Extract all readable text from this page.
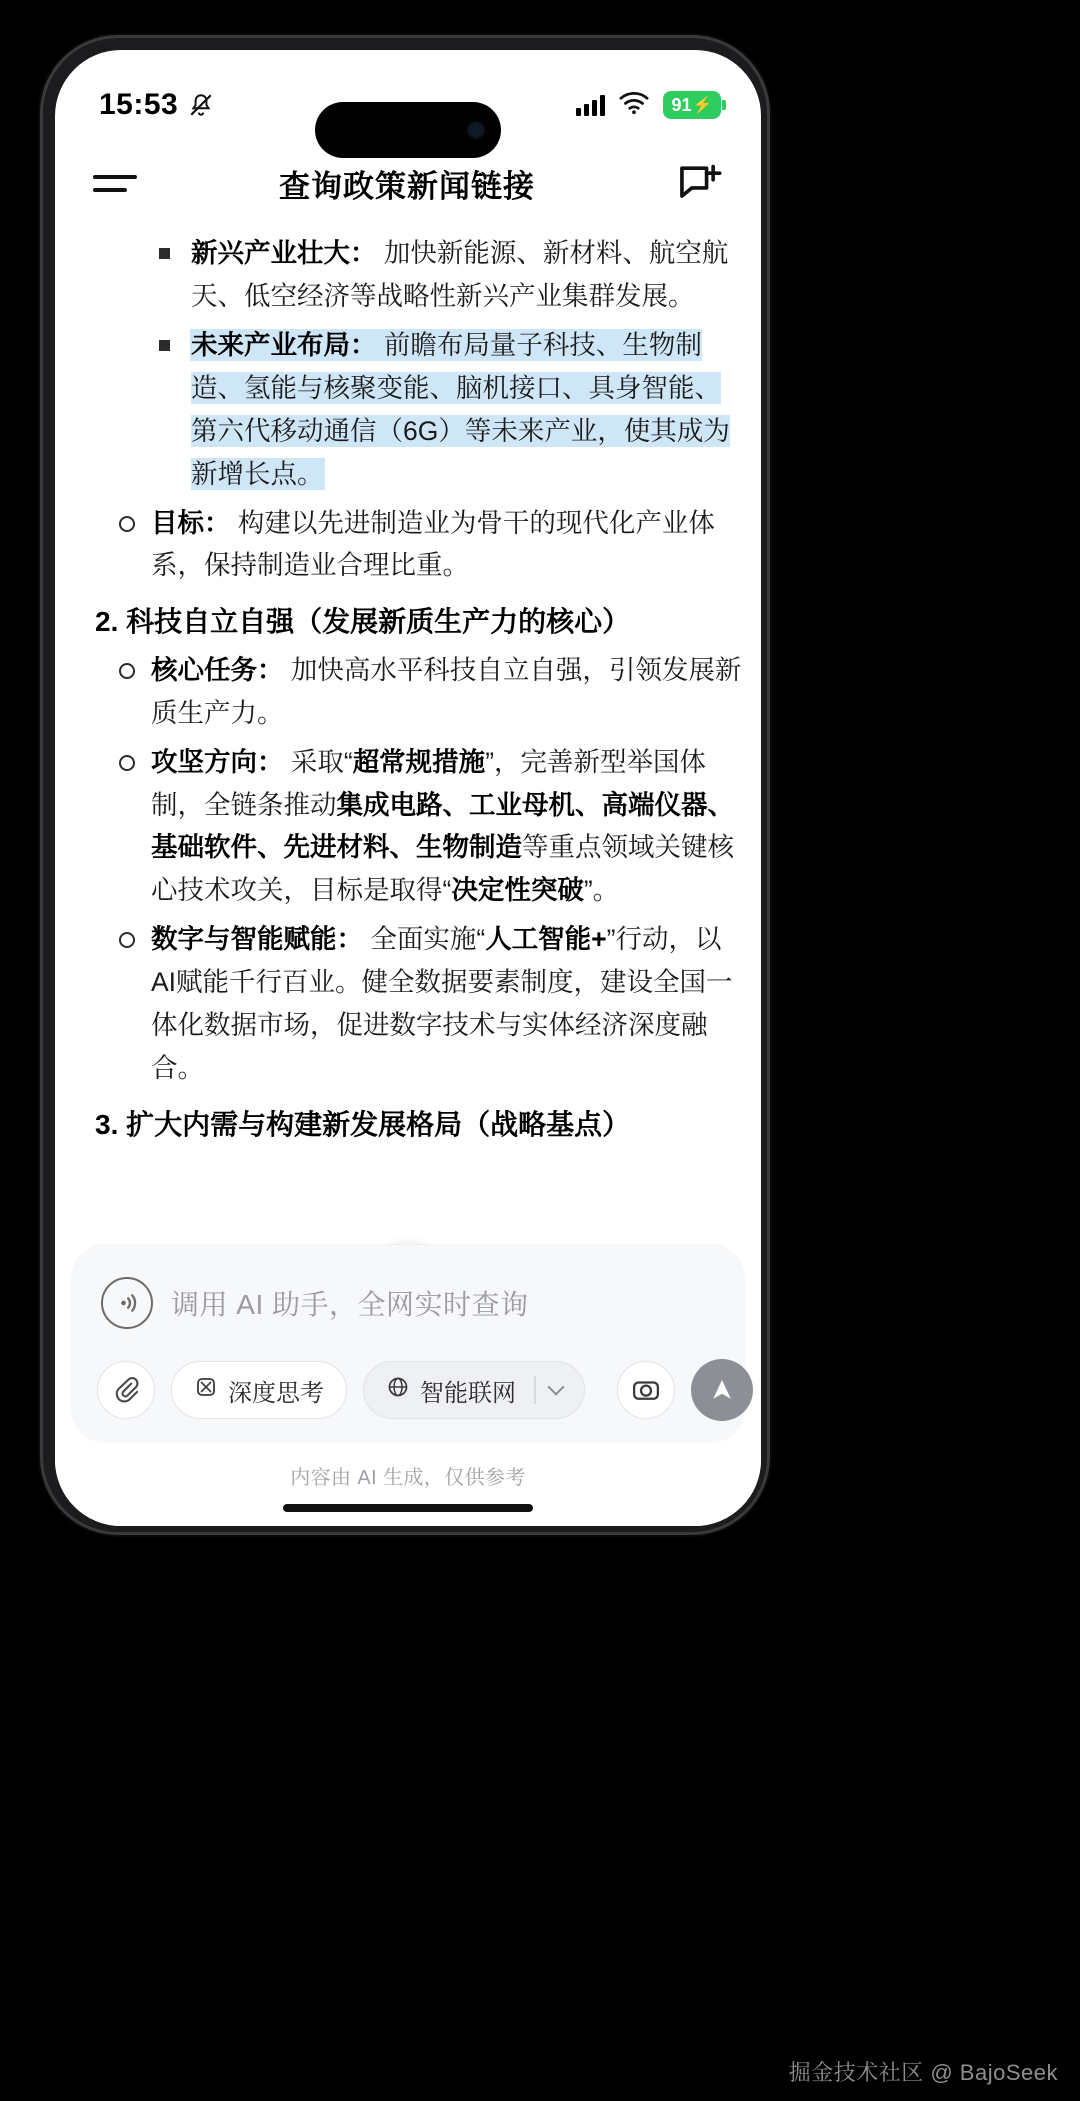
15:53	91 ⚡
查询政策新闻链接
新兴产业壮大： 加快新能源、新材料、航空航天、低空经济等战略性新兴产业集群发展。
未来产业布局： 前瞻布局量子科技、生物制造、氢能与核聚变能、脑机接口、具身智能、第六代移动通信（6G）等未来产业，使其成为新增长点。
目标： 构建以先进制造业为骨干的现代化产业体系，保持制造业合理比重。
2. 科技自立自强（发展新质生产力的核心）
核心任务： 加快高水平科技自立自强，引领发展新质生产力。
攻坚方向： 采取“超常规措施”，完善新型举国体制，全链条推动集成电路、工业母机、高端仪器、基础软件、先进材料、生物制造等重点领域关键核心技术攻关，目标是取得“决定性突破”。
数字与智能赋能： 全面实施“人工智能+”行动，以AI赋能千行百业。健全数据要素制度，建设全国一体化数据市场，促进数字技术与实体经济深度融合。
3. 扩大内需与构建新发展格局（战略基点）
调用 AI 助手，全网实时查询
深度思考	智能联网
内容由 AI 生成，仅供参考
掘金技术社区 @ BajoSeek
